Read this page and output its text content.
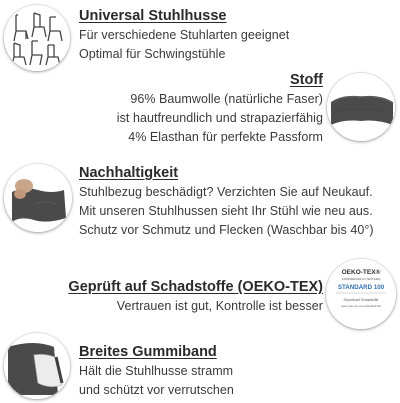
Universal Stuhlhusse
Für verschiedene Stuhlarten geeignet
Optimal für Schwingstühle
Stoff
96% Baumwolle (natürliche Faser)
ist hautfreundlich und strapazierfähig
4% Elasthan für perfekte Passform
Nachhaltigkeit
Stuhlbezug beschädigt? Verzichten Sie auf Neukauf.
Mit unseren Stuhlhussen sieht Ihr Stühl wie neu aus.
Schutz vor Schmutz und Flecken (Waschbar bis 40°)
Geprüft auf Schadstoffe (OEKO-TEX)
Vertrauen ist gut, Kontrolle ist besser
OEKO-TEX®
CONFIDENCE IN TEXTILES
STANDARD 100
Geprüft auf Schadstoffe
www.oeko-tex.com/standard100
Breites Gummiband
Hält die Stuhlhusse stramm
und schützt vor verrutschen
